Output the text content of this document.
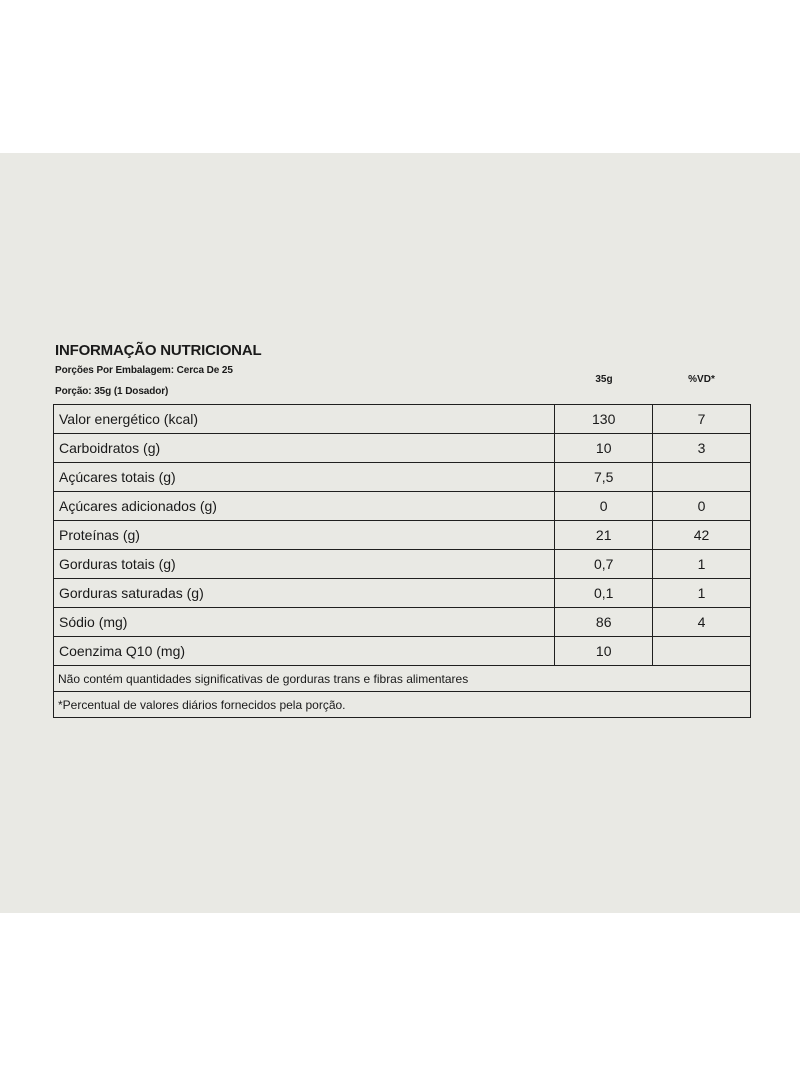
INFORMAÇÃO NUTRICIONAL
Porções Por Embalagem: Cerca De 25
Porção: 35g (1 Dosador)
35g	%VD*
Valor energético (kcal)	130	7
Carboidratos (g)	10	3
Açúcares totais (g)	7,5	
Açúcares adicionados (g)	0	0
Proteínas (g)	21	42
Gorduras totais (g)	0,7	1
Gorduras saturadas (g)	0,1	1
Sódio (mg)	86	4
Coenzima Q10 (mg)	10	
Não contém quantidades significativas de gorduras trans e fibras alimentares		
*Percentual de valores diários fornecidos pela porção.		
